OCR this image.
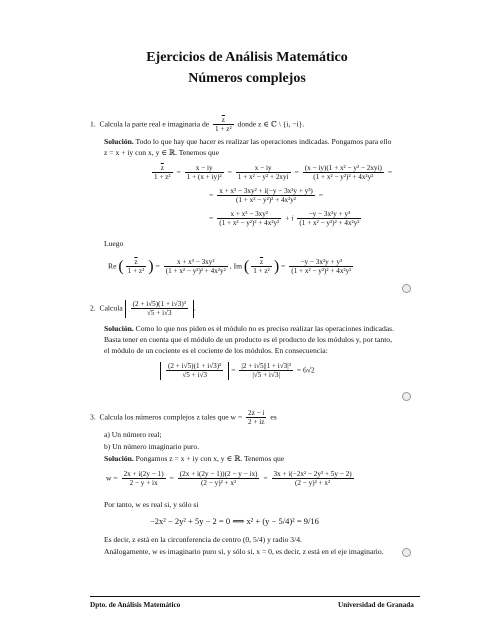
Ejercicios de Análisis Matemático
Números complejos
1. Calcula la parte real e imaginaria de $\frac{\overline{z}}{\text{1 + z²}}$ donde z ∈ ℂ \ {i, −i}.
Solución. Todo lo que hay que hacer es realizar las operaciones indicadas. Pongamos para ello
z = x + iy con x, y ∈ ℝ. Tenemos que
$\frac{\overline{z}}{\text{1 + z²}} = \frac{x - iy}{\text{1 + (x + iy)²}} = \frac{x - iy}{\text{1 + x² − y² + 2xyi}} = \frac{\text{(x − iy)(1 + x² − y² − 2xyi)}}{\text{(1 + x² − y²)² + 4x²y²}}$ =
= $\frac{\text{x + x³ − 3xy² + i(−y − 3x²y + y³)}}{\text{(1 + x² − y²)² + 4x²y²}}$ =
= $\frac{\text{x + x³ − 3xy²}}{\text{(1 + x² − y²)² + 4x²y²}} + i \frac{\text{−y − 3x²y + y³}}{\text{(1 + x² − y²)² + 4x²y²}}$
Luego
Re ( $\frac{\overline{z}}{\text{1 + z²}}$ ) = $\frac{\text{x + x³ − 3xy²}}{\text{(1 + x² − y²)² + 4x²y²}}$ , Im ( $\frac{\overline{z}}{\text{1 + z²}}$ ) = $\frac{\text{−y − 3x²y + y³}}{\text{(1 + x² − y²)² + 4x²y²}}$
2. Calcula $\frac{\text{(2 + i√5)(1 + i√3)³}}{√5 + i√3}$ .
Solución. Como lo que nos piden es el módulo no es preciso realizar las operaciones indicadas.
Basta tener en cuenta que el módulo de un producto es el producto de los módulos y, por tanto,
el módulo de un cociente es el cociente de los módulos. En consecuencia:
$\frac{\text{(2 + i√5)(1 + i√3)³}}{√5 + i√3} = \frac{\text{|2 + i√5||1 + i√3|³}}{|√5 + i√3|} = 6√2$
3. Calcula los números complejos z tales que $w = \frac{2z - i}{2 + iz}$ es
a) Un número real;
b) Un número imaginario puro.
Solución. Pongamos z = x + iy con x, y ∈ ℝ. Tenemos que
$w = \frac{2x + i(2y - 1)}{2 - y + ix} = \frac{(2x + i(2y - 1))(2 - y - ix)}{\text{(2 − y)² + x²}} = \frac{\text{3x + i(−2x² − 2y² + 5y − 2)}}{\text{(2 − y)² + x²}}$
Por tanto, w es real si, y sólo si
−2x² − 2y² + 5y − 2 = 0 ⟺ x² + (y − 5/4)² = 9/16
Es decir, z está en la circunferencia de centro (0, 5/4) y radio 3/4.
Análogamente, w es imaginario puro si, y sólo si, x = 0, es decir, z está en el eje imaginario.
Dpto. de Análisis Matemático	Universidad de Granada
